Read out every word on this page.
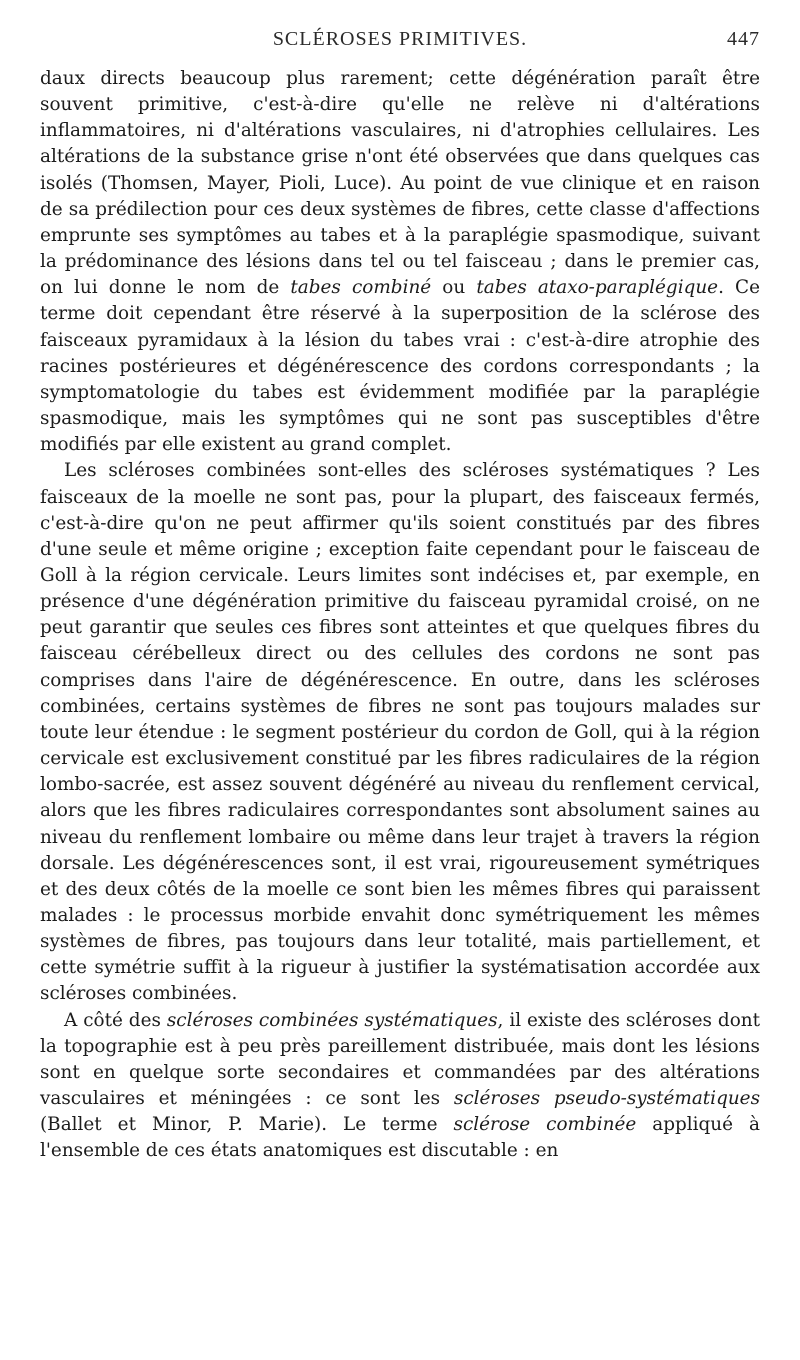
SCLÉROSES PRIMITIVES.	447

daux directs beaucoup plus rarement; cette dégénération paraît être souvent primitive, c'est-à-dire qu'elle ne relève ni d'altérations inflammatoires, ni d'altérations vasculaires, ni d'atrophies cellulaires. Les altérations de la substance grise n'ont été observées que dans quelques cas isolés (Thomsen, Mayer, Pioli, Luce). Au point de vue clinique et en raison de sa prédilection pour ces deux systèmes de fibres, cette classe d'affections emprunte ses symptômes au tabes et à la paraplégie spasmodique, suivant la prédominance des lésions dans tel ou tel faisceau ; dans le premier cas, on lui donne le nom de tabes combiné ou tabes ataxo-paraplégique. Ce terme doit cependant être réservé à la superposition de la sclérose des faisceaux pyramidaux à la lésion du tabes vrai : c'est-à-dire atrophie des racines postérieures et dégénérescence des cordons correspondants ; la symptomatologie du tabes est évidemment modifiée par la paraplégie spasmodique, mais les symptômes qui ne sont pas susceptibles d'être modifiés par elle existent au grand complet.

Les scléroses combinées sont-elles des scléroses systématiques ? Les faisceaux de la moelle ne sont pas, pour la plupart, des faisceaux fermés, c'est-à-dire qu'on ne peut affirmer qu'ils soient constitués par des fibres d'une seule et même origine ; exception faite cependant pour le faisceau de Goll à la région cervicale. Leurs limites sont indécises et, par exemple, en présence d'une dégénération primitive du faisceau pyramidal croisé, on ne peut garantir que seules ces fibres sont atteintes et que quelques fibres du faisceau cérébelleux direct ou des cellules des cordons ne sont pas comprises dans l'aire de dégénérescence. En outre, dans les scléroses combinées, certains systèmes de fibres ne sont pas toujours malades sur toute leur étendue : le segment postérieur du cordon de Goll, qui à la région cervicale est exclusivement constitué par les fibres radiculaires de la région lombo-sacrée, est assez souvent dégénéré au niveau du renflement cervical, alors que les fibres radiculaires correspondantes sont absolument saines au niveau du renflement lombaire ou même dans leur trajet à travers la région dorsale. Les dégénérescences sont, il est vrai, rigoureusement symétriques et des deux côtés de la moelle ce sont bien les mêmes fibres qui paraissent malades : le processus morbide envahit donc symétriquement les mêmes systèmes de fibres, pas toujours dans leur totalité, mais partiellement, et cette symétrie suffit à la rigueur à justifier la systématisation accordée aux scléroses combinées.

A côté des scléroses combinées systématiques, il existe des scléroses dont la topographie est à peu près pareillement distribuée, mais dont les lésions sont en quelque sorte secondaires et commandées par des altérations vasculaires et méningées : ce sont les scléroses pseudo-systématiques (Ballet et Minor, P. Marie). Le terme sclérose combinée appliqué à l'ensemble de ces états anatomiques est discutable : en
